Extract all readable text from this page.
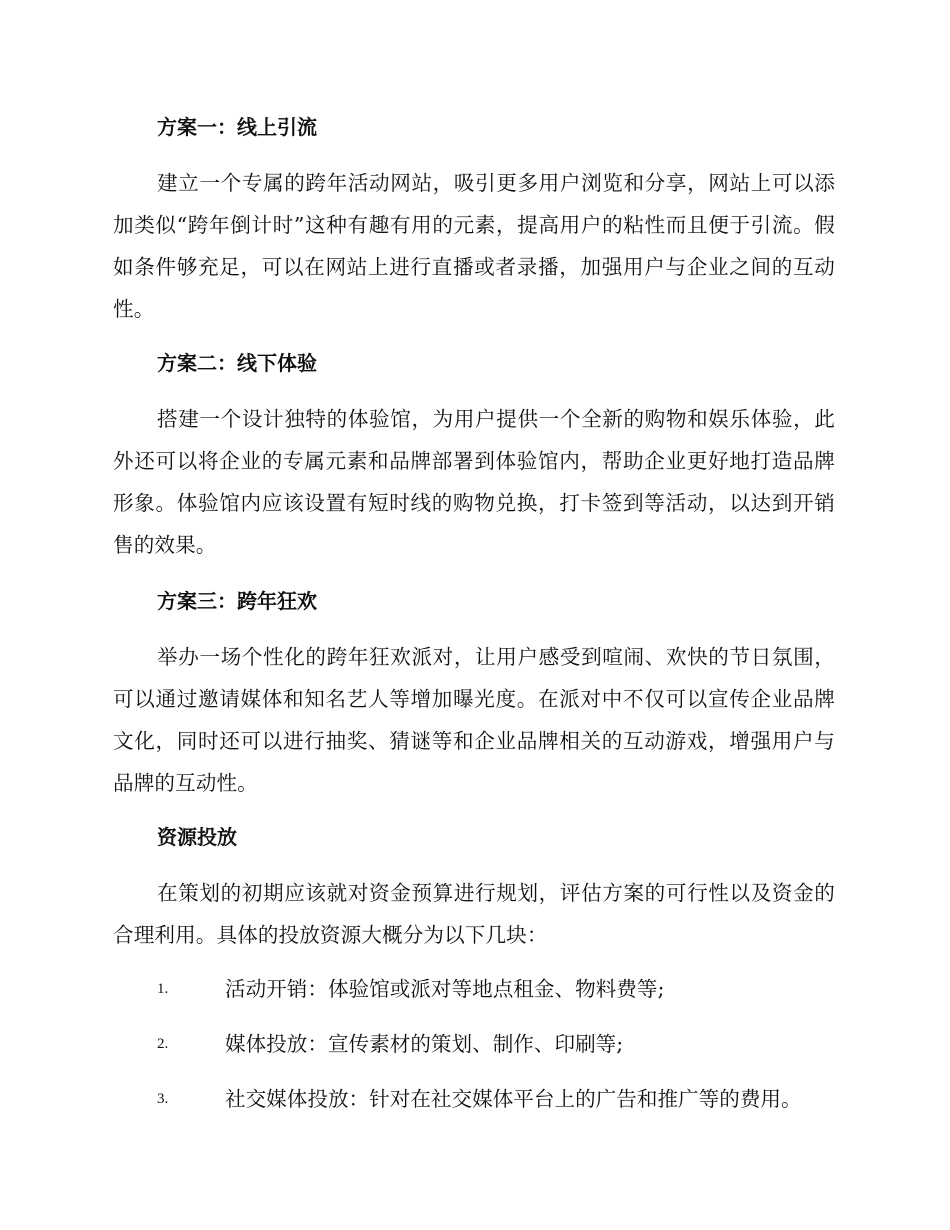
方案一：线上引流
建立一个专属的跨年活动网站，吸引更多用户浏览和分享，网站上可以添加类似“跨年倒计时”这种有趣有用的元素，提高用户的粘性而且便于引流。假如条件够充足，可以在网站上进行直播或者录播，加强用户与企业之间的互动性。
方案二：线下体验
搭建一个设计独特的体验馆，为用户提供一个全新的购物和娱乐体验，此外还可以将企业的专属元素和品牌部署到体验馆内，帮助企业更好地打造品牌形象。体验馆内应该设置有短时线的购物兑换，打卡签到等活动，以达到开销售的效果。
方案三：跨年狂欢
举办一场个性化的跨年狂欢派对，让用户感受到喧闹、欢快的节日氛围，可以通过邀请媒体和知名艺人等增加曝光度。在派对中不仅可以宣传企业品牌文化，同时还可以进行抽奖、猜谜等和企业品牌相关的互动游戏，增强用户与品牌的互动性。
资源投放
在策划的初期应该就对资金预算进行规划，评估方案的可行性以及资金的合理利用。具体的投放资源大概分为以下几块：
1.	活动开销：体验馆或派对等地点租金、物料费等;
2.	媒体投放：宣传素材的策划、制作、印刷等;
3.	社交媒体投放：针对在社交媒体平台上的广告和推广等的费用。
